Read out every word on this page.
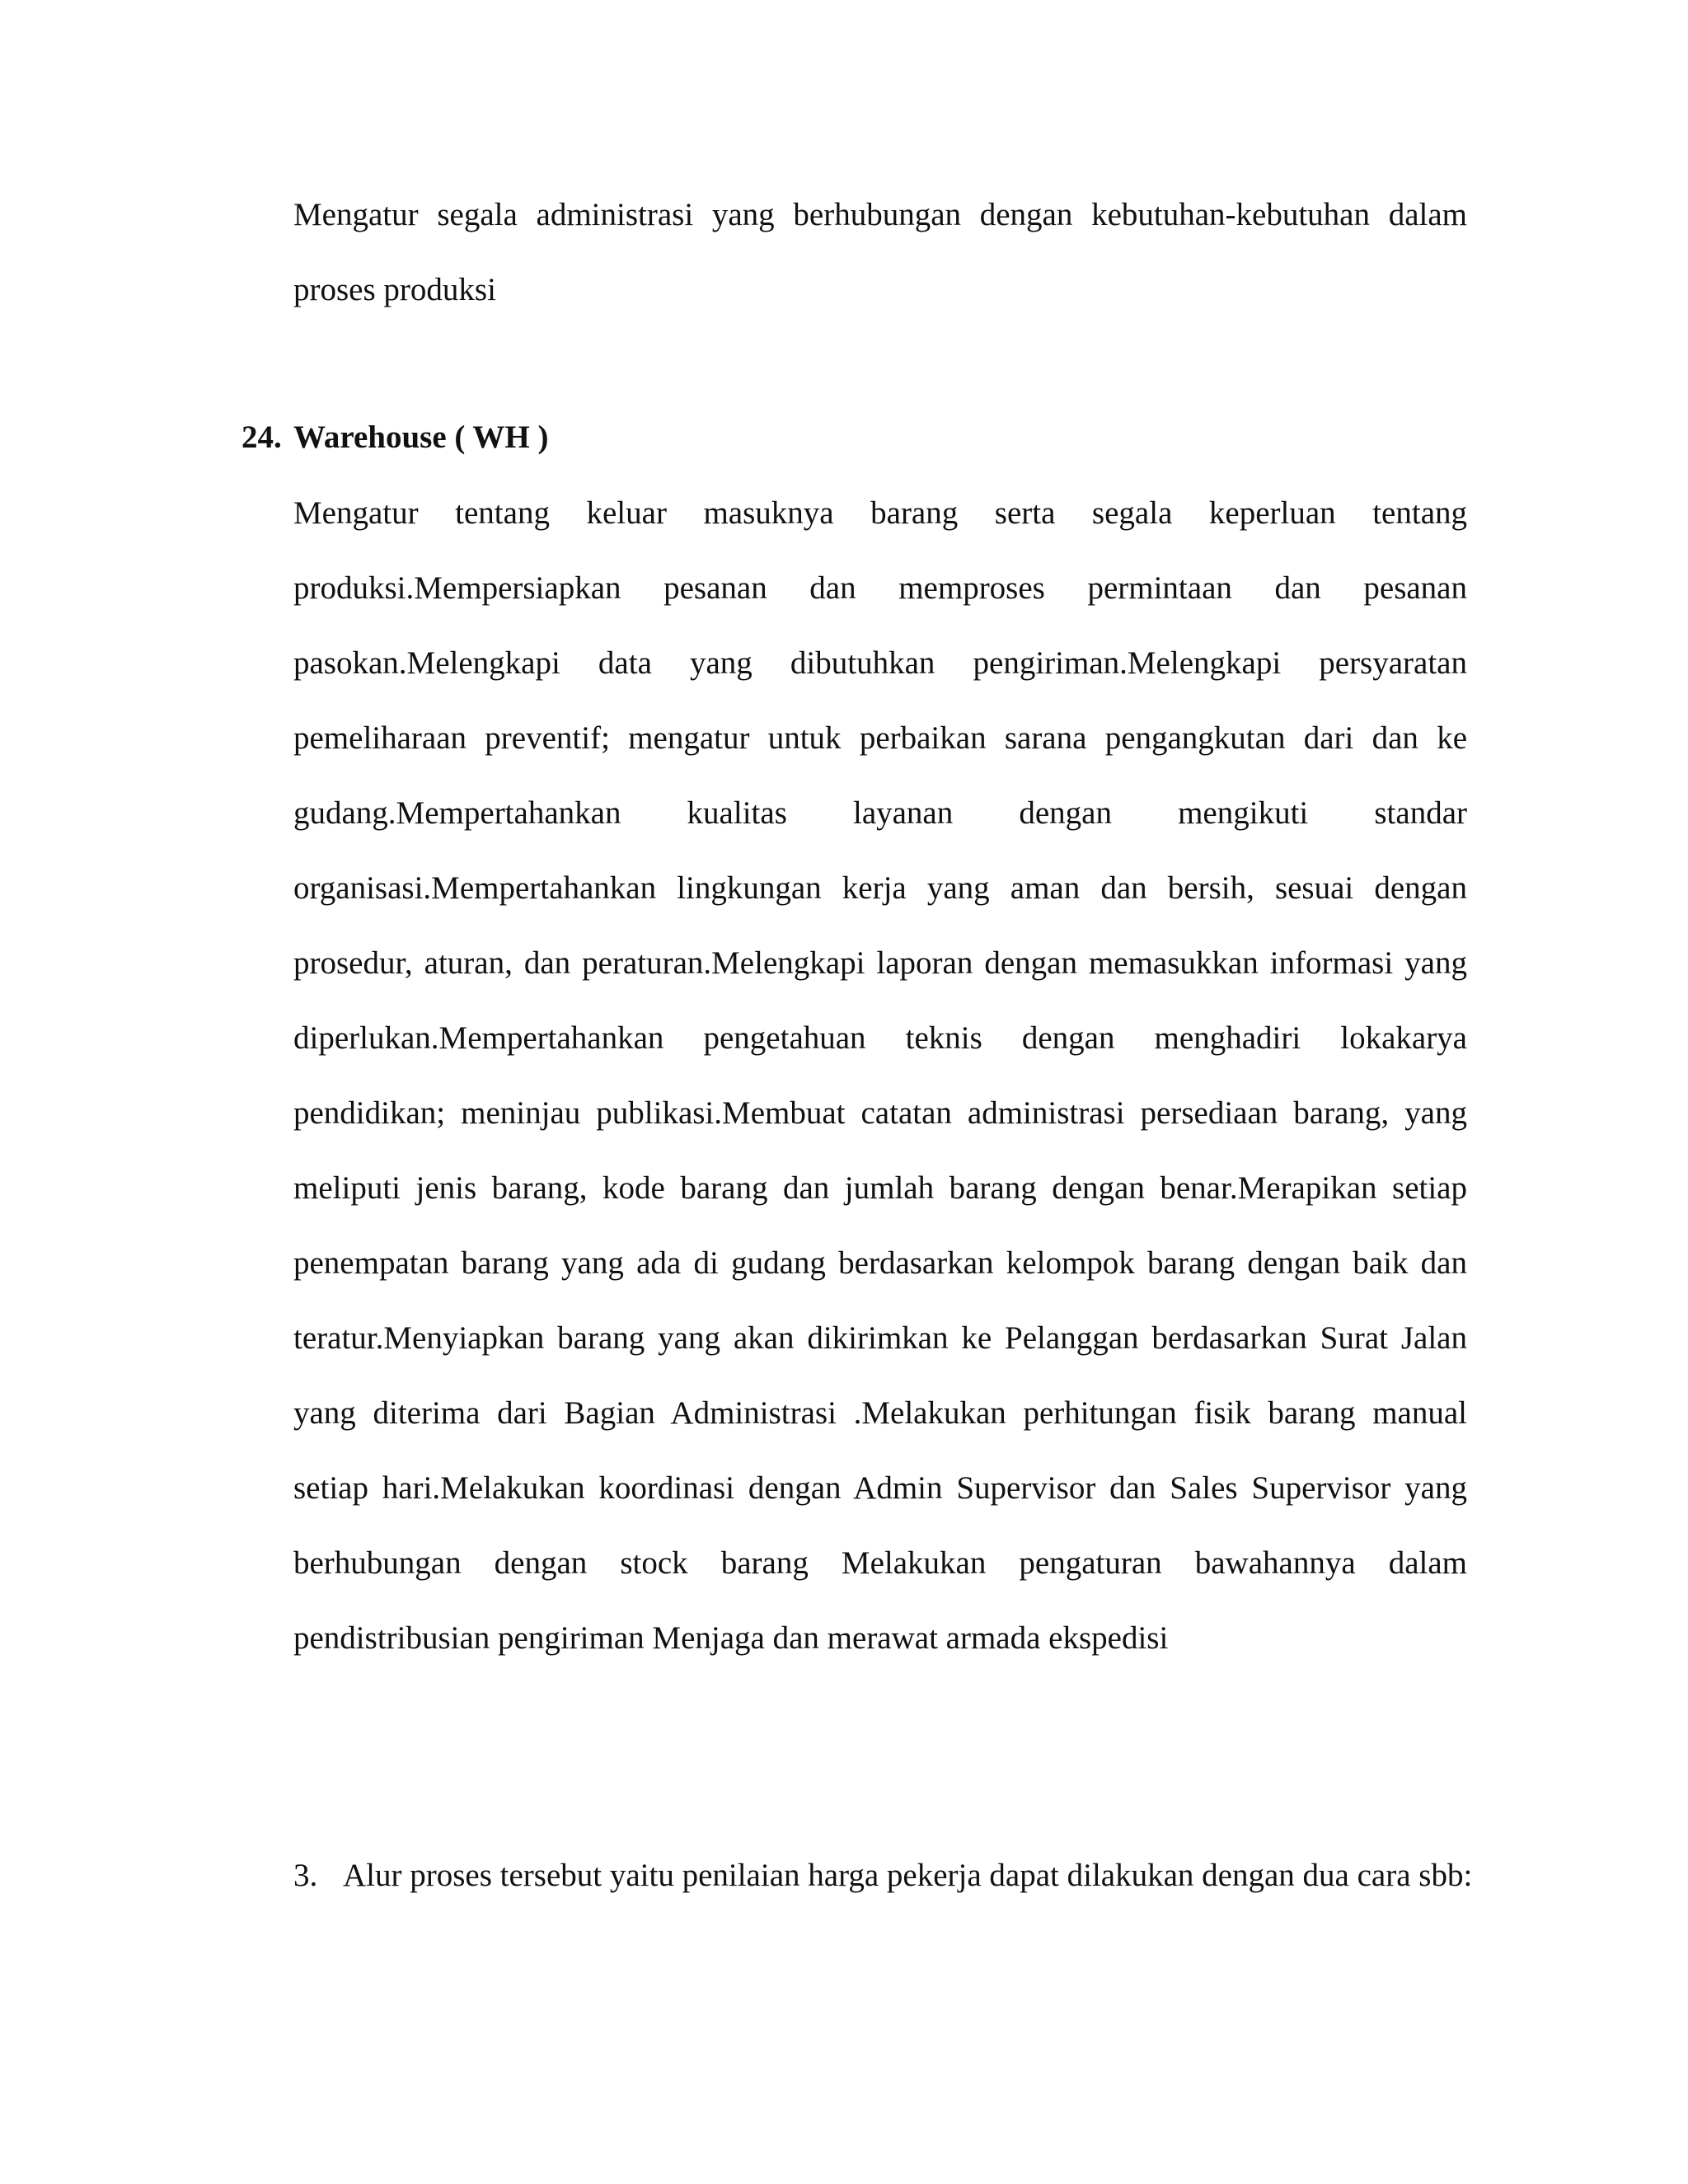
Mengatur segala administrasi yang berhubungan dengan kebutuhan-kebutuhan dalam
proses produksi
24. Warehouse ( WH )
Mengatur tentang keluar masuknya barang serta segala keperluan tentang
produksi.Mempersiapkan pesanan dan memproses permintaan dan pesanan
pasokan.Melengkapi data yang dibutuhkan pengiriman.Melengkapi persyaratan
pemeliharaan preventif; mengatur untuk perbaikan sarana pengangkutan dari dan ke
gudang.Mempertahankan kualitas layanan dengan mengikuti standar
organisasi.Mempertahankan lingkungan kerja yang aman dan bersih, sesuai dengan
prosedur, aturan, dan peraturan.Melengkapi laporan dengan memasukkan informasi yang
diperlukan.Mempertahankan pengetahuan teknis dengan menghadiri lokakarya
pendidikan; meninjau publikasi.Membuat catatan administrasi persediaan barang, yang
meliputi jenis barang, kode barang dan jumlah barang dengan benar.Merapikan setiap
penempatan barang yang ada di gudang berdasarkan kelompok barang dengan baik dan
teratur.Menyiapkan barang yang akan dikirimkan ke Pelanggan berdasarkan Surat Jalan
yang diterima dari Bagian Administrasi .Melakukan perhitungan fisik barang manual
setiap hari.Melakukan koordinasi dengan Admin Supervisor dan Sales Supervisor yang
berhubungan dengan stock barang Melakukan pengaturan bawahannya dalam
pendistribusian pengiriman Menjaga dan merawat armada ekspedisi
3. Alur proses tersebut yaitu penilaian harga pekerja dapat dilakukan dengan dua cara sbb:
